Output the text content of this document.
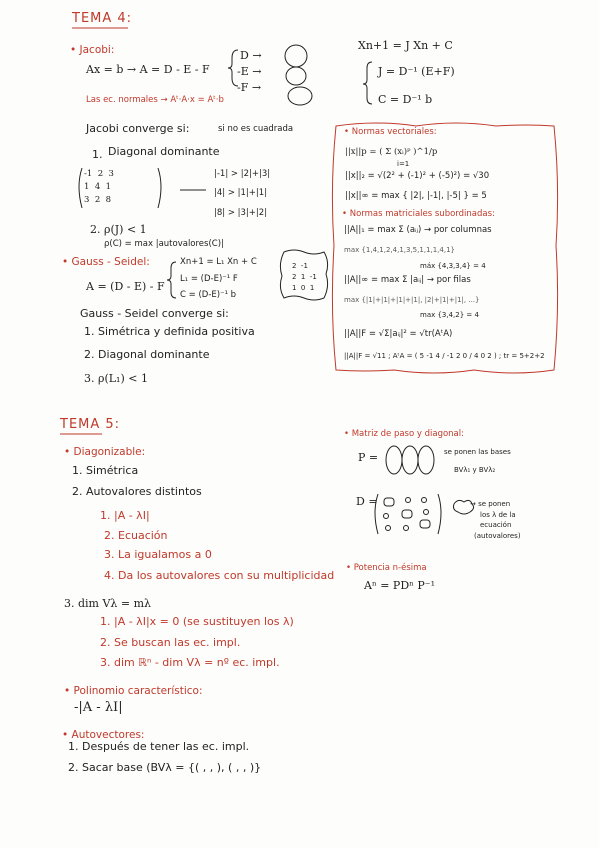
TEMA 4:
• Jacobi:
Ax = b → A = D - E - F
D →
-E →
-F →
Las ec. normales → Aᵗ·A·x = Aᵗ·b
Xn+1 = J Xn + C
J = D⁻¹ (E+F)
C = D⁻¹ b
Jacobi converge si:	si no es cuadrada
1. Diagonal dominante
-1 2 3
1 4 1
3 2 8
|-1| > |2|+|3|
|4| > |1|+|1|
|8| > |3|+|2|
2. ρ(J) < 1
ρ(C) = max |autovalores(C)|
• Gauss - Seidel:
A = (D - E) - F
Xn+1 = L₁ Xn + C
L₁ = (D-E)⁻¹ F
C = (D-E)⁻¹ b
2 -1
2 1 -1
1 0 1
Gauss - Seidel converge si:
1. Simétrica y definida positiva
2. Diagonal dominante
3. ρ(L₁) < 1
• Normas vectoriales:
||x||p = ( Σ (xᵢ)ᵖ )^1/p
i=1
||x||₂ = √(2² + (-1)² + (-5)²) = √30
||x||∞ = max { |2|, |-1|, |-5| } = 5
• Normas matriciales subordinadas:
||A||₁ = max Σ (aᵢⱼ) → por columnas
max {1,4,1,2,4,1,3,5,1,1,1,4,1}
máx {4,3,3,4} = 4
||A||∞ = max Σ |aᵢⱼ| → por filas
max {|1|+|1|+|1|+|1|, |2|+|1|+|1|, ...}
max {3,4,2} = 4
||A||F = √Σ|aᵢⱼ|² = √tr(AᵗA)
||A||F = √11 ; AᵗA = ( 5 -1 4 / -1 2 0 / 4 0 2 ) ; tr = 5+2+2
TEMA 5:
• Diagonizable:
1. Simétrica
2. Autovalores distintos
1. |A - λI|
2. Ecuación
3. La igualamos a 0
4. Da los autovalores con su multiplicidad
3. dim Vλ = mλ
1. |A - λI|x = 0 (se sustituyen los λ)
2. Se buscan las ec. impl.
3. dim ℝⁿ - dim Vλ = nº ec. impl.
• Polinomio característico:
-|A - λI|
• Autovectores:
1. Después de tener las ec. impl.
2. Sacar base (BVλ = {( , , ), ( , , )}
• Matriz de paso y diagonal:
P =	se ponen las bases
BVλ₁ y BVλ₂
D =	→ se ponen
los λ de la
ecuación
(autovalores)
• Potencia n-ésima
Aⁿ = PDⁿ P⁻¹
